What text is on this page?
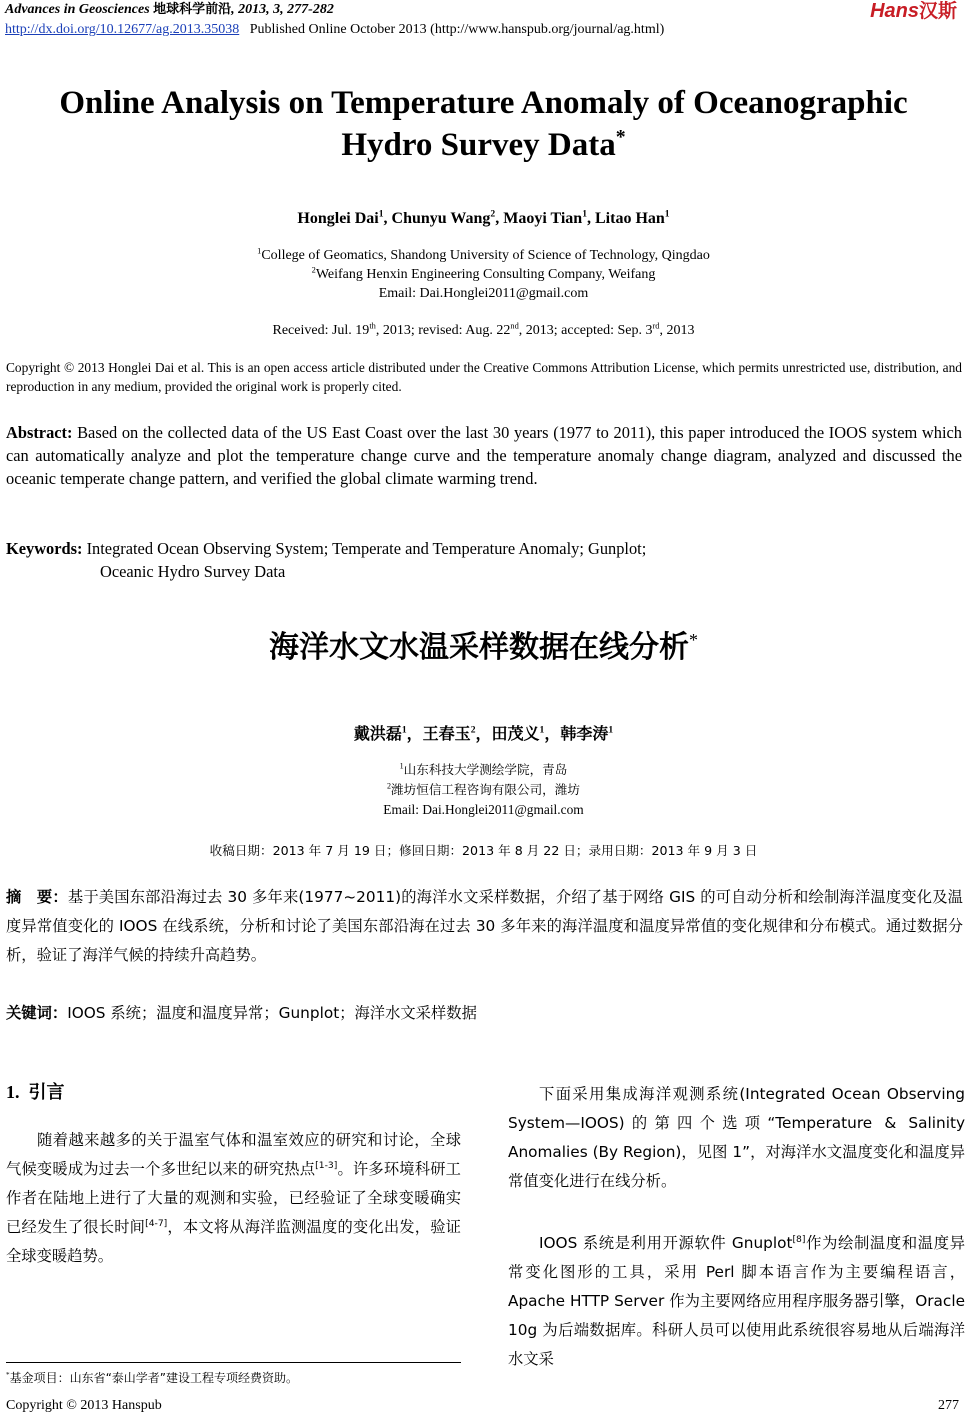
Advances in Geosciences 地球科学前沿, 2013, 3, 277-282	Hans汉斯
http://dx.doi.org/10.12677/ag.2013.35038 Published Online October 2013 (http://www.hanspub.org/journal/ag.html)
Online Analysis on Temperature Anomaly of Oceanographic
Hydro Survey Data*
Honglei Dai$^1$, Chunyu Wang$^2$, Maoyi Tian$^1$, Litao Han$^1$
$^1$College of Geomatics, Shandong University of Science of Technology, Qingdao
$^2$Weifang Henxin Engineering Consulting Company, Weifang
Email: Dai.Honglei2011@gmail.com
Received: Jul. 19th, 2013; revised: Aug. 22nd, 2013; accepted: Sep. 3rd, 2013
Copyright © 2013 Honglei Dai et al. This is an open access article distributed under the Creative Commons Attribution License, which permits unrestricted use, distribution, and reproduction in any medium, provided the original work is properly cited.
Abstract: Based on the collected data of the US East Coast over the last 30 years (1977 to 2011), this paper introduced the IOOS system which can automatically analyze and plot the temperature change curve and the temperature anomaly change diagram, analyzed and discussed the oceanic temperate change pattern, and verified the global climate warming trend.
Keywords: Integrated Ocean Observing System; Temperate and Temperature Anomaly; Gunplot;
Oceanic Hydro Survey Data
海洋水文水温采样数据在线分析*
戴洪磊$^1$，王春玉$^2$，田茂义$^1$，韩李涛$^1$
$^1$山东科技大学测绘学院，青岛
$^2$潍坊恒信工程咨询有限公司，潍坊
Email: Dai.Honglei2011@gmail.com
收稿日期：2013 年 7 月 19 日；修回日期：2013 年 8 月 22 日；录用日期：2013 年 9 月 3 日
摘　要：基于美国东部沿海过去 30 多年来(1977~2011)的海洋水文采样数据，介绍了基于网络 GIS 的可自动分析和绘制海洋温度变化及温度异常值变化的 IOOS 在线系统，分析和讨论了美国东部沿海在过去 30 多年来的海洋温度和温度异常值的变化规律和分布模式。通过数据分析，验证了海洋气候的持续升高趋势。
关键词：IOOS 系统；温度和温度异常；Gunplot；海洋水文采样数据
1. 引言
随着越来越多的关于温室气体和温室效应的研究和讨论，全球气候变暖成为过去一个多世纪以来的研究热点[1-3]。许多环境科研工作者在陆地上进行了大量的观测和实验，已经验证了全球变暖确实已经发生了很长时间[4-7]，本文将从海洋监测温度的变化出发，验证全球变暖趋势。
*基金项目：山东省“泰山学者”建设工程专项经费资助。
下面采用集成海洋观测系统(Integrated Ocean Observing System—IOOS)的第四个选项“Temperature & Salinity Anomalies (By Region)，见图 1”，对海洋水文温度变化和温度异常值变化进行在线分析。
IOOS 系统是利用开源软件 Gnuplot[8]作为绘制温度和温度异常变化图形的工具，采用 Perl 脚本语言作为主要编程语言，Apache HTTP Server 作为主要网络应用程序服务器引擎，Oracle 10g 为后端数据库。科研人员可以使用此系统很容易地从后端海洋水文采
Copyright © 2013 Hanspub	277
